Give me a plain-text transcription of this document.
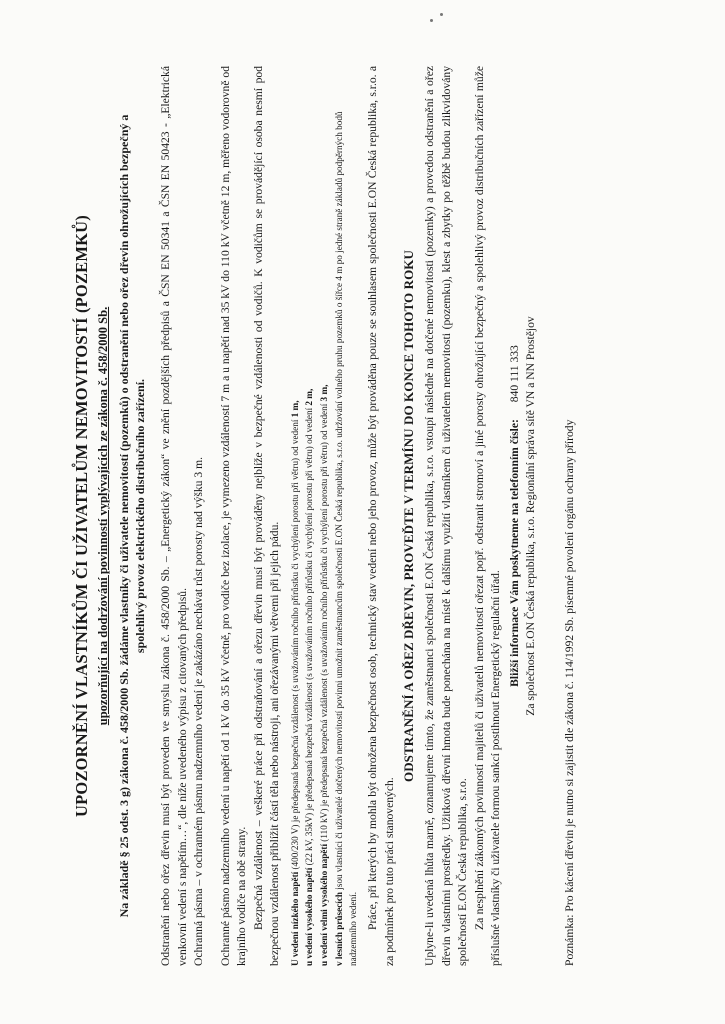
UPOZORNĚNÍ VLASTNÍKŮM ČI UŽIVATELŮM NEMOVITOSTÍ (POZEMKŮ) upozorňující na dodržování povinností vyplývajících ze zákona č. 458/2000 Sb. Na základě § 25 odst. 3 g) zákona č. 458/2000 Sb. žádáme vlastníky či uživatele nemovitostí (pozemků) o odstranění nebo ořez dřevin ohrožujících bezpečný a spolehlivý provoz elektrického distribučního zařízení. Odstranění nebo ořez dřevin musí být proveden ve smyslu zákona č. 458/2000 Sb. – „Energetický zákon“ ve znění pozdějších předpisů a ČSN EN 50341 a ČSN EN 50423 - „Elektrická venkovní vedení s napětím…“, dle níže uvedeného výpisu z citovaných předpisů. Ochranná pásma – v ochranném pásmu nadzemního vedení je zakázáno nechávat růst porosty nad výšku 3 m. Ochranné pásmo nadzemního vedení u napětí od 1 kV do 35 kV včetně, pro vodiče bez izolace, je vymezeno vzdáleností 7 m a u napětí nad 35 kV do 110 kV včetně 12 m, měřeno vodorovně od krajního vodiče na obě strany. Bezpečná vzdálenost – veškeré práce při odstraňování a ořezu dřevin musí být prováděny nejblíže v bezpečné vzdálenosti od vodičů. K vodičům se provádějící osoba nesmí pod bezpečnou vzdálenost přiblížit částí těla nebo nástroji, ani ořezávanými větvemi při jejich pádu. U vedení nízkého napětí (400/230 V) je předepsaná bezpečná vzdálenost (s uvažováním ročního přírůstku či vychýlení porostu při větru) od vedení 1 m,
u vedení vysokého napětí (22 kV, 35kV) je předepsaná bezpečná vzdálenost (s uvažováním ročního přírůstku či vychýlení porostu při větru) od vedení 2 m,
u vedení velmi vysokého napětí (110 kV) je předepsaná bezpečná vzdálenost (s uvažováním ročního přírůstku či vychýlení porostu při větru) od vedení 3 m,
v lesních průsecích jsou vlastníci či uživatelé dotčených nemovitostí povinni umožnit zaměstnancům společnosti E.ON Česká republika, s.r.o. udržování volného pruhu pozemků o šířce 4 m po jedné straně základů podpěrných bodů nadzemního vedení. Práce, při kterých by mohla být ohrožena bezpečnost osob, technický stav vedení nebo jeho provoz, může být prováděna pouze se souhlasem společnosti E.ON Česká republika, s.r.o. a za podmínek pro tuto práci stanovených.

ODSTRANĚNÍ A OŘEZ DŘEVIN, PROVEĎTE V TERMÍNU DO KONCE TOHOTO ROKU Uplyne-li uvedená lhůta marně, oznamujeme tímto, že zaměstnanci společnosti E.ON Česká republika, s.r.o. vstoupí následně na dotčené nemovitosti (pozemky) a provedou odstranění a ořez dřevin vlastními prostředky. Užitková dřevní hmota bude ponechána na místě k dalšímu využití vlastníkem či uživatelem nemovitosti (pozemku), klest a zbytky po těžbě budou zlikvidovány společností E.ON Česká republika, s.r.o. Za nesplnění zákonných povinností majitelů či uživatelů nemovitostí ořezat popř. odstranit stromoví a jiné porosty ohrožující bezpečný a spolehlivý provoz distribučních zařízení může příslušné vlastníky či uživatele formou sankcí postihnout Energetický regulační úřad.

Bližší informace Vám poskytneme na telefonním čísle: 840 111 333 Za společnost E.ON Česká republika, s.r.o. Regionální správa sítě VN a NN Prostějov Poznámka: Pro kácení dřevin je nutno si zajistit dle zákona č. 114/1992 Sb. písemné povolení orgánu ochrany přírody
